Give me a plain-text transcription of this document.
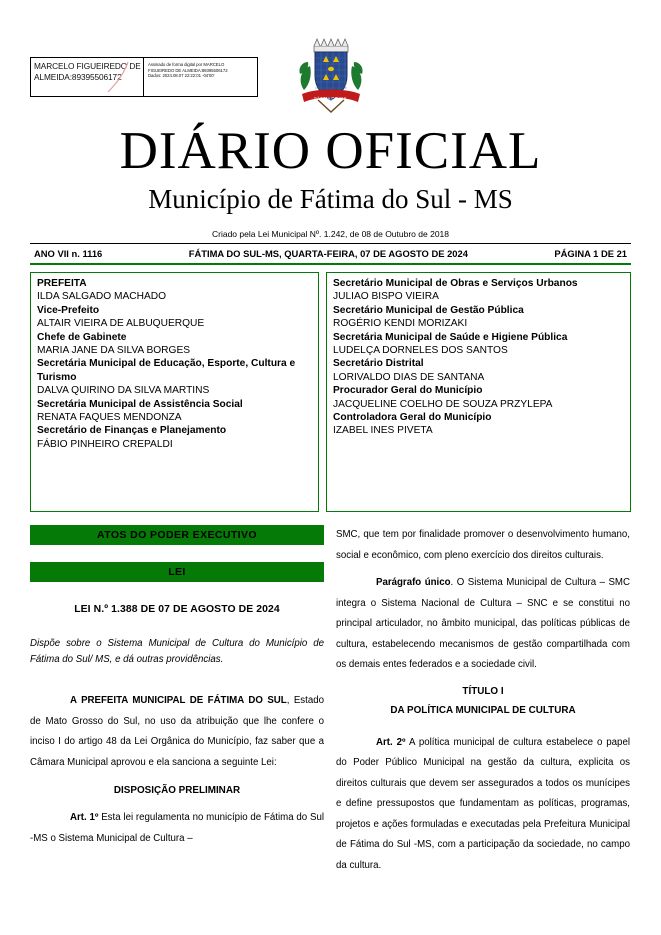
MARCELO FIGUEIREDO DE ALMEIDA:89395506172
Assinado de forma digital por MARCELO
FIGUEIREDO DE ALMEIDA:89395506172
Dados: 2024.08.07 22:22:01 -04'00'
FÁTIMA DO SUL
DIÁRIO OFICIAL
Município de Fátima do Sul - MS
Criado pela Lei Municipal Nº. 1.242, de 08 de Outubro de 2018
ANO VII n. 1116	FÁTIMA DO SUL-MS, QUARTA-FEIRA, 07 DE AGOSTO DE 2024	PÁGINA 1 DE 21
PREFEITA
ILDA SALGADO MACHADO
Vice-Prefeito
ALTAIR VIEIRA DE ALBUQUERQUE
Chefe de Gabinete
MARIA JANE DA SILVA BORGES
Secretária Municipal de Educação, Esporte, Cultura e Turismo
DALVA QUIRINO DA SILVA MARTINS
Secretária Municipal de Assistência Social
RENATA FAQUES MENDONZA
Secretário de Finanças e Planejamento
FÁBIO PINHEIRO CREPALDI
Secretário Municipal de Obras e Serviços Urbanos
JULIAO BISPO VIEIRA
Secretário Municipal de Gestão Pública
ROGÉRIO KENDI MORIZAKI
Secretária Municipal de Saúde e Higiene Pública
LUDELÇA DORNELES DOS SANTOS
Secretário Distrital
LORIVALDO DIAS DE SANTANA
Procurador Geral do Município
JACQUELINE COELHO DE SOUZA PRZYLEPA
Controladora Geral do Município
IZABEL INES PIVETA
ATOS DO PODER EXECUTIVO
LEI
LEI N.º 1.388 DE 07 DE AGOSTO DE 2024
Dispõe sobre o Sistema Municipal de Cultura do Município de Fátima do Sul/ MS, e dá outras providências.

A PREFEITA MUNICIPAL DE FÁTIMA DO SUL, Estado de Mato Grosso do Sul, no uso da atribuição que lhe confere o inciso I do artigo 48 da Lei Orgânica do Município, faz saber que a Câmara Municipal aprovou e ela sanciona a seguinte Lei:

DISPOSIÇÃO PRELIMINAR

Art. 1º Esta lei regulamenta no município de Fátima do Sul -MS o Sistema Municipal de Cultura –

SMC, que tem por finalidade promover o desenvolvimento humano, social e econômico, com pleno exercício dos direitos culturais.

Parágrafo único. O Sistema Municipal de Cultura – SMC integra o Sistema Nacional de Cultura – SNC e se constitui no principal articulador, no âmbito municipal, das políticas públicas de cultura, estabelecendo mecanismos de gestão compartilhada com os demais entes federados e a sociedade civil.

TÍTULO I
DA POLÍTICA MUNICIPAL DE CULTURA

Art. 2º A política municipal de cultura estabelece o papel do Poder Público Municipal na gestão da cultura, explicita os direitos culturais que devem ser assegurados a todos os munícipes e define pressupostos que fundamentam as políticas, programas, projetos e ações formuladas e executadas pela Prefeitura Municipal de Fátima do Sul -MS, com a participação da sociedade, no campo da cultura.
